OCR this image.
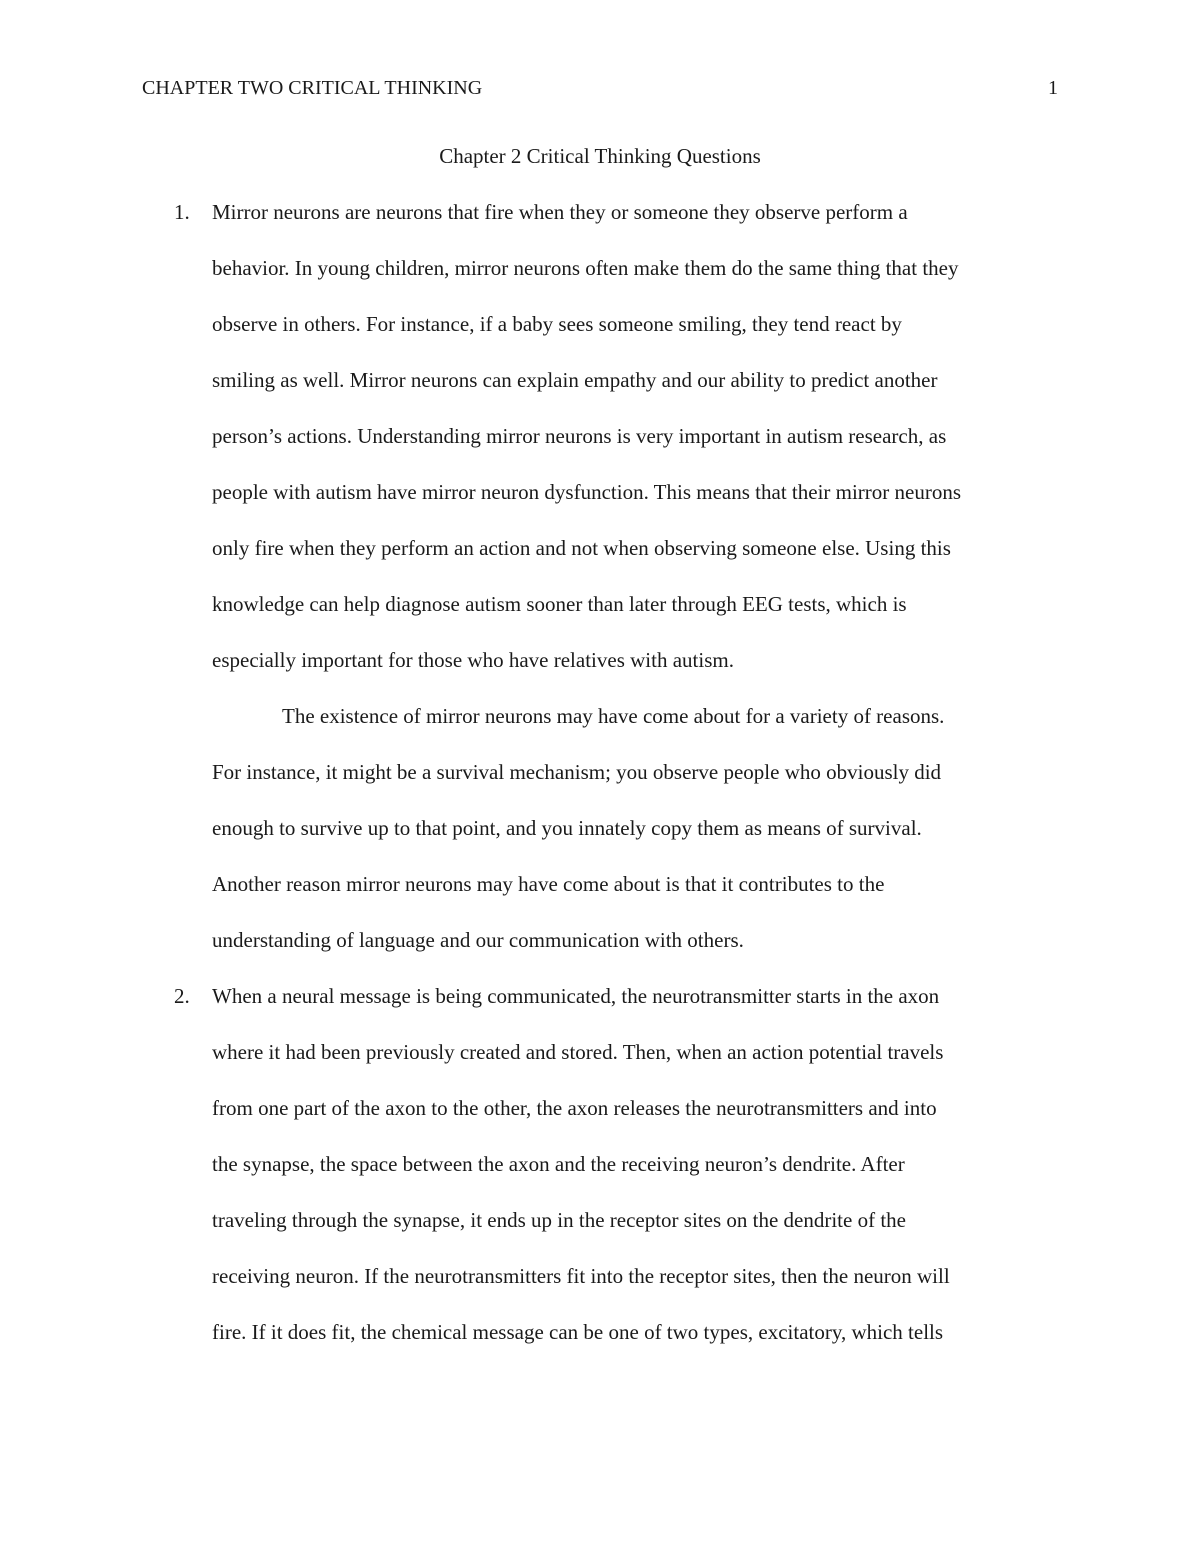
CHAPTER TWO CRITICAL THINKING	1
Chapter 2 Critical Thinking Questions
1. Mirror neurons are neurons that fire when they or someone they observe perform a
behavior. In young children, mirror neurons often make them do the same thing that they
observe in others. For instance, if a baby sees someone smiling, they tend react by
smiling as well. Mirror neurons can explain empathy and our ability to predict another
person’s actions. Understanding mirror neurons is very important in autism research, as
people with autism have mirror neuron dysfunction. This means that their mirror neurons
only fire when they perform an action and not when observing someone else. Using this
knowledge can help diagnose autism sooner than later through EEG tests, which is
especially important for those who have relatives with autism.
The existence of mirror neurons may have come about for a variety of reasons.
For instance, it might be a survival mechanism; you observe people who obviously did
enough to survive up to that point, and you innately copy them as means of survival.
Another reason mirror neurons may have come about is that it contributes to the
understanding of language and our communication with others.
2. When a neural message is being communicated, the neurotransmitter starts in the axon
where it had been previously created and stored. Then, when an action potential travels
from one part of the axon to the other, the axon releases the neurotransmitters and into
the synapse, the space between the axon and the receiving neuron’s dendrite. After
traveling through the synapse, it ends up in the receptor sites on the dendrite of the
receiving neuron. If the neurotransmitters fit into the receptor sites, then the neuron will
fire. If it does fit, the chemical message can be one of two types, excitatory, which tells
